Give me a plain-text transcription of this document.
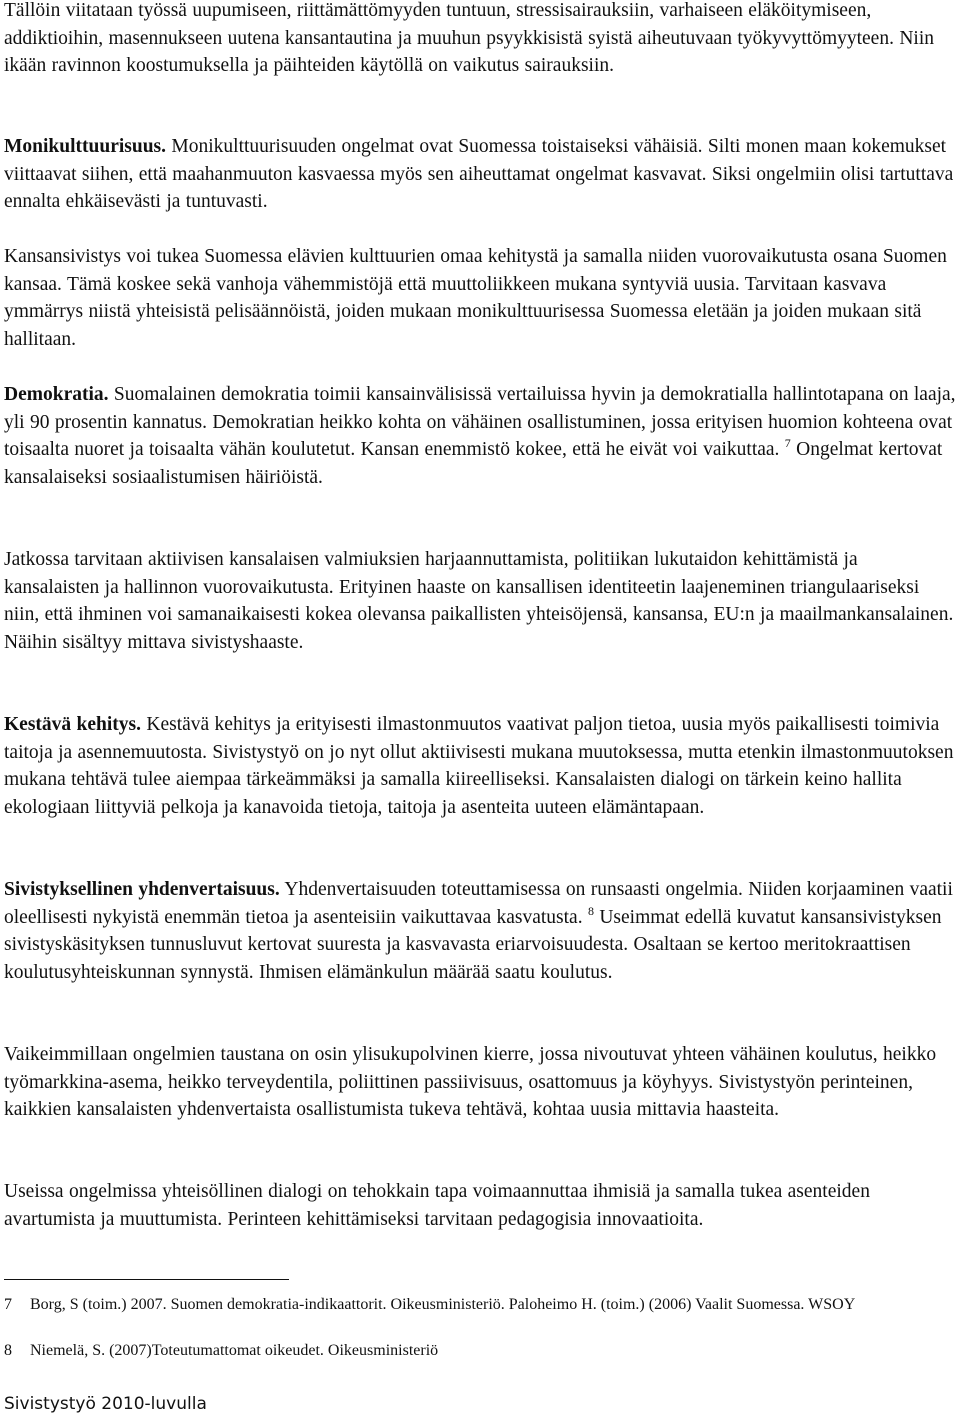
Tällöin viitataan työssä uupumiseen, riittämättömyyden tuntuun, stressisairauksiin, varhaiseen eläköitymiseen, addiktioihin, masennukseen uutena kansantautina ja muuhun psyykkisistä syistä aiheutuvaan työkyvyttömyyteen. Niin ikään ravinnon koostumuksella ja päihteiden käytöllä on vaikutus sairauksiin.

Monikulttuurisuus. Monikulttuurisuuden ongelmat ovat Suomessa toistaiseksi vähäisiä. Silti monen maan kokemukset viittaavat siihen, että maahanmuuton kasvaessa myös sen aiheuttamat ongelmat kasvavat. Siksi ongelmiin olisi tartuttava ennalta ehkäisevästi ja tuntuvasti.

Kansansivistys voi tukea Suomessa elävien kulttuurien omaa kehitystä ja samalla niiden vuorovaikutusta osana Suomen kansaa. Tämä koskee sekä vanhoja vähemmistöjä että muuttoliikkeen mukana syntyviä uusia. Tarvitaan kasvava ymmärrys niistä yhteisistä pelisäännöistä, joiden mukaan monikulttuurisessa Suomessa eletään ja joiden mukaan sitä hallitaan.

Demokratia. Suomalainen demokratia toimii kansainvälisissä vertailuissa hyvin ja demokratialla hallintotapana on laaja, yli 90 prosentin kannatus. Demokratian heikko kohta on vähäinen osallistuminen, jossa erityisen huomion kohteena ovat toisaalta nuoret ja toisaalta vähän koulutetut. Kansan enemmistö kokee, että he eivät voi vaikuttaa. $^7$ Ongelmat kertovat kansalaiseksi sosiaalistumisen häiriöistä.

Jatkossa tarvitaan aktiivisen kansalaisen valmiuksien harjaannuttamista, politiikan lukutaidon kehittämistä ja kansalaisten ja hallinnon vuorovaikutusta. Erityinen haaste on kansallisen identiteetin laajeneminen triangulaariseksi niin, että ihminen voi samanaikaisesti kokea olevansa paikallisten yhteisöjensä, kansansa, EU:n ja maailmankansalainen. Näihin sisältyy mittava sivistyshaaste.

Kestävä kehitys. Kestävä kehitys ja erityisesti ilmastonmuutos vaativat paljon tietoa, uusia myös paikallisesti toimivia taitoja ja asennemuutosta. Sivistystyö on jo nyt ollut aktiivisesti mukana muutoksessa, mutta etenkin ilmastonmuutoksen mukana tehtävä tulee aiempaa tärkeämmäksi ja samalla kiireelliseksi. Kansalaisten dialogi on tärkein keino hallita ekologiaan liittyviä pelkoja ja kanavoida tietoja, taitoja ja asenteita uuteen elämäntapaan.

Sivistyksellinen yhdenvertaisuus. Yhdenvertaisuuden toteuttamisessa on runsaasti ongelmia. Niiden korjaaminen vaatii oleellisesti nykyistä enemmän tietoa ja asenteisiin vaikuttavaa kasvatusta. $^8$ Useimmat edellä kuvatut kansansivistyksen sivistyskäsityksen tunnusluvut kertovat suuresta ja kasvavasta eriarvoisuudesta. Osaltaan se kertoo meritokraattisen koulutusyhteiskunnan synnystä. Ihmisen elämänkulun määrää saatu koulutus.

Vaikeimmillaan ongelmien taustana on osin ylisukupolvinen kierre, jossa nivoutuvat yhteen vähäinen koulutus, heikko työmarkkina-asema, heikko terveydentila, poliittinen passiivisuus, osattomuus ja köyhyys. Sivistystyön perinteinen, kaikkien kansalaisten yhdenvertaista osallistumista tukeva tehtävä, kohtaa uusia mittavia haasteita.

Useissa ongelmissa yhteisöllinen dialogi on tehokkain tapa voimaannuttaa ihmisiä ja samalla tukea asenteiden avartumista ja muuttumista. Perinteen kehittämiseksi tarvitaan pedagogisia innovaatioita.

7 Borg, S (toim.) 2007. Suomen demokratia-indikaattorit. Oikeusministeriö. Paloheimo H. (toim.) (2006) Vaalit Suomessa. WSOY
8 Niemelä, S. (2007)Toteutumattomat oikeudet. Oikeusministeriö
Sivistystyö 2010-luvulla
